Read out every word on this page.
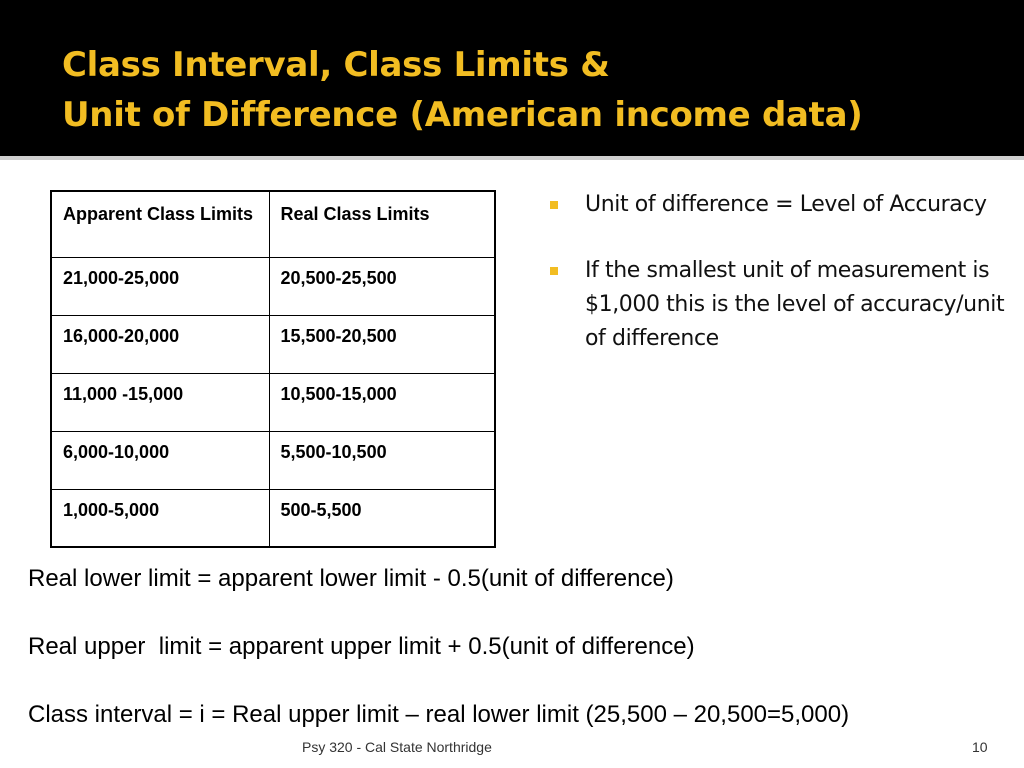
Class Interval, Class Limits &
Unit of Difference (American income data)
Apparent Class Limits	Real Class Limits
21,000-25,000	20,500-25,500
16,000-20,000	15,500-20,500
11,000 -15,000	10,500-15,000
6,000-10,000	5,500-10,500
1,000-5,000	500-5,500
Unit of difference = Level of Accuracy
If the smallest unit of measurement is $1,000 this is the level of accuracy/unit of difference

Real lower limit = apparent lower limit - 0.5(unit of difference)

Real upper  limit = apparent upper limit + 0.5(unit of difference)

Class interval = i = Real upper limit – real lower limit (25,500 – 20,500=5,000)

Psy 320 - Cal State Northridge	10
